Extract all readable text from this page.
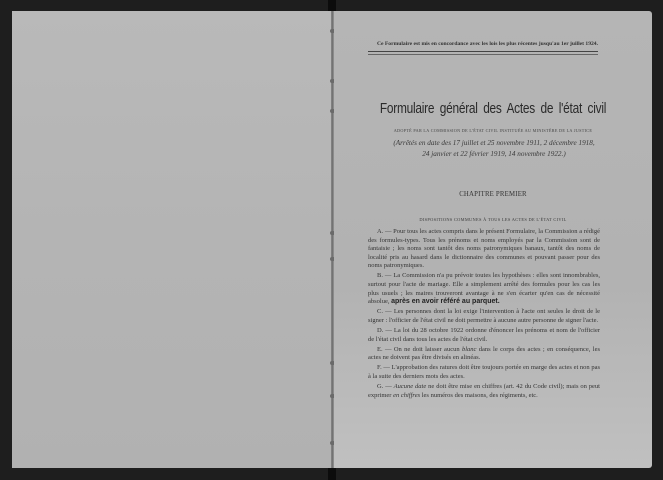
Ce Formulaire est mis en concordance avec les lois les plus récentes jusqu'au 1er juillet 1924.
Formulaire général des Actes de l'état civil
ADOPTÉ PAR LA COMMISSION DE L'ÉTAT CIVIL INSTITUÉE AU MINISTÈRE DE LA JUSTICE
(Arrêtés en date des 17 juillet et 25 novembre 1911, 2 décembre 1918,
24 janvier et 22 février 1919, 14 novembre 1922.)
CHAPITRE PREMIER
DISPOSITIONS COMMUNES À TOUS LES ACTES DE L'ÉTAT CIVIL

A. — Pour tous les actes compris dans le présent Formulaire, la Commission a rédigé des formules-types. Tous les prénoms et noms employés par la Commission sont de fantaisie ; les noms sont tantôt des noms patronymiques banaux, tantôt des noms de localité pris au hasard dans le dictionnaire des communes et pouvant passer pour des noms patronymiques.

B. — La Commission n'a pu prévoir toutes les hypothèses : elles sont innombrables, surtout pour l'acte de mariage. Elle a simplement arrêté des formules pour les cas les plus usuels ; les maires trouveront avantage à ne s'en écarter qu'en cas de nécessité absolue, après en avoir référé au parquet.

C. — Les personnes dont la loi exige l'intervention à l'acte ont seules le droit de le signer : l'officier de l'état civil ne doit permettre à aucune autre personne de signer l'acte.

D. — La loi du 28 octobre 1922 ordonne d'énoncer les prénoms et nom de l'officier de l'état civil dans tous les actes de l'état civil.

E. — On ne doit laisser aucun blanc dans le corps des actes ; en conséquence, les actes ne doivent pas être divisés en alinéas.

F. — L'approbation des ratures doit être toujours portée en marge des actes et non pas à la suite des derniers mots des actes.

G. — Aucune date ne doit être mise en chiffres (art. 42 du Code civil); mais on peut exprimer en chiffres les numéros des maisons, des régiments, etc.
